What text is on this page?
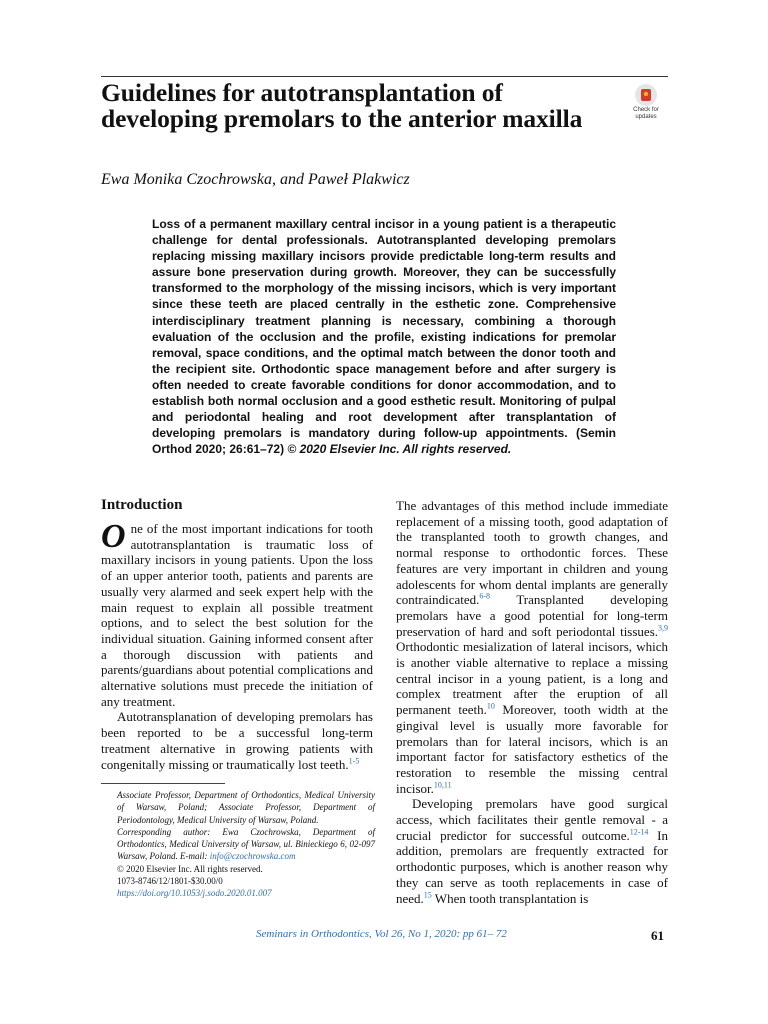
Guidelines for autotransplantation of developing premolars to the anterior maxilla	Check for updates
Ewa Monika Czochrowska, and Paweł Plakwicz

Loss of a permanent maxillary central incisor in a young patient is a therapeutic challenge for dental professionals. Autotransplanted developing premolars replacing missing maxillary incisors provide predictable long-term results and assure bone preservation during growth. Moreover, they can be successfully transformed to the morphology of the missing incisors, which is very important since these teeth are placed centrally in the esthetic zone. Comprehensive interdisciplinary treatment planning is necessary, combining a thorough evaluation of the occlusion and the profile, existing indications for premolar removal, space conditions, and the optimal match between the donor tooth and the recipient site. Orthodontic space management before and after surgery is often needed to create favorable conditions for donor accommodation, and to establish both normal occlusion and a good esthetic result. Monitoring of pulpal and periodontal healing and root development after transplantation of developing premolars is mandatory during follow-up appointments. (Semin Orthod 2020; 26:61–72) © 2020 Elsevier Inc. All rights reserved.

Introduction

One of the most important indications for tooth autotransplantation is traumatic loss of maxillary incisors in young patients. Upon the loss of an upper anterior tooth, patients and parents are usually very alarmed and seek expert help with the main request to explain all possible treatment options, and to select the best solution for the individual situation. Gaining informed consent after a thorough discussion with patients and parents/guardians about potential complications and alternative solutions must precede the initiation of any treatment.

Autotransplanation of developing premolars has been reported to be a successful long-term treatment alternative in growing patients with congenitally missing or traumatically lost teeth.$^{1-5}$

The advantages of this method include immediate replacement of a missing tooth, good adaptation of the transplanted tooth to growth changes, and normal response to orthodontic forces. These features are very important in children and young adolescents for whom dental implants are generally contraindicated.$^{6-8}$ Transplanted developing premolars have a good potential for long-term preservation of hard and soft periodontal tissues.$^{3,9}$ Orthodontic mesialization of lateral incisors, which is another viable alternative to replace a missing central incisor in a young patient, is a long and complex treatment after the eruption of all permanent teeth.$^{10}$ Moreover, tooth width at the gingival level is usually more favorable for premolars than for lateral incisors, which is an important factor for satisfactory esthetics of the restoration to resemble the missing central incisor.$^{10,11}$

Developing premolars have good surgical access, which facilitates their gentle removal - a crucial predictor for successful outcome.$^{12-14}$ In addition, premolars are frequently extracted for orthodontic purposes, which is another reason why they can serve as tooth replacements in case of need.$^{15}$ When tooth transplantation is

Associate Professor, Department of Orthodontics, Medical University of Warsaw, Poland; Associate Professor, Department of Periodontology, Medical University of Warsaw, Poland.

Corresponding author: Ewa Czochrowska, Department of Orthodontics, Medical University of Warsaw, ul. Binieckiego 6, 02-097 Warsaw, Poland. E-mail: info@czochrowska.com

© 2020 Elsevier Inc. All rights reserved.

1073-8746/12/1801-$30.00/0

https://doi.org/10.1053/j.sodo.2020.01.007

Seminars in Orthodontics, Vol 26, No 1, 2020: pp 61– 72	61
